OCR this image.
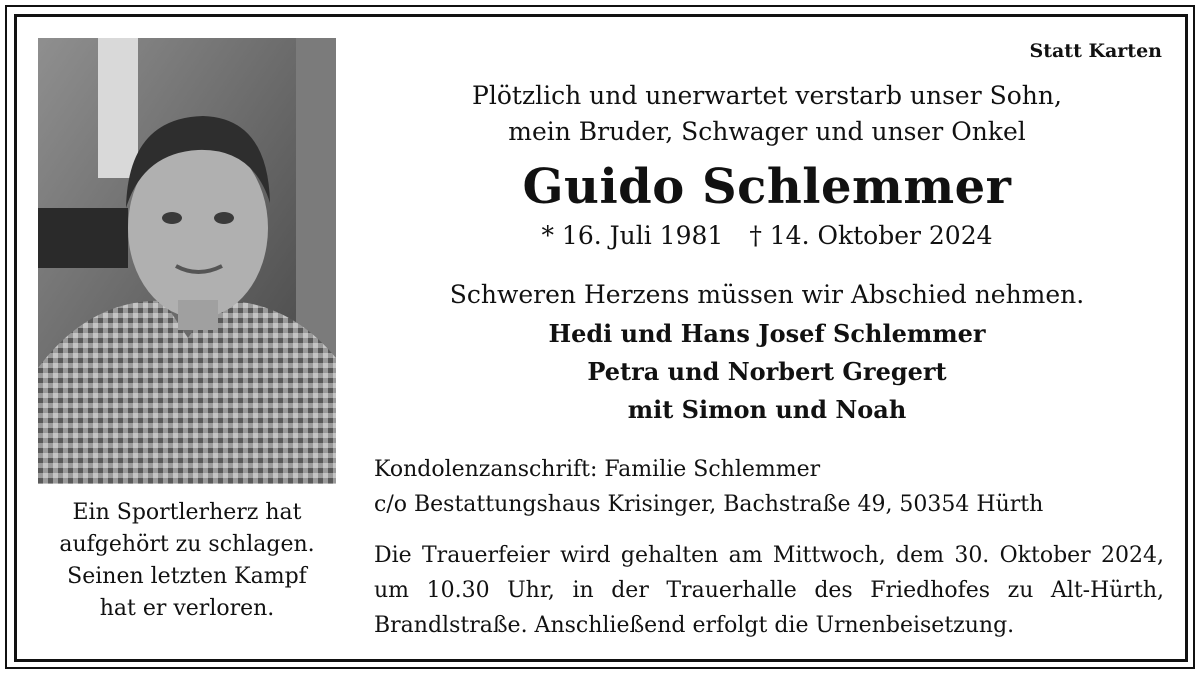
Ein Sportlerherz hat
aufgehört zu schlagen.
Seinen letzten Kampf
hat er verloren.
Statt Karten
Plötzlich und unerwartet verstarb unser Sohn,
mein Bruder, Schwager und unser Onkel
Guido Schlemmer
* 16. Juli 1981 † 14. Oktober 2024
Schweren Herzens müssen wir Abschied nehmen.
Hedi und Hans Josef Schlemmer
Petra und Norbert Gregert
mit Simon und Noah
Kondolenzanschrift: Familie Schlemmer
c/o Bestattungshaus Krisinger, Bachstraße 49, 50354 Hürth
Die Trauerfeier wird gehalten am Mittwoch, dem 30. Oktober 2024,
um 10.30 Uhr, in der Trauerhalle des Friedhofes zu Alt-Hürth,
Brandlstraße. Anschließend erfolgt die Urnenbeisetzung.
